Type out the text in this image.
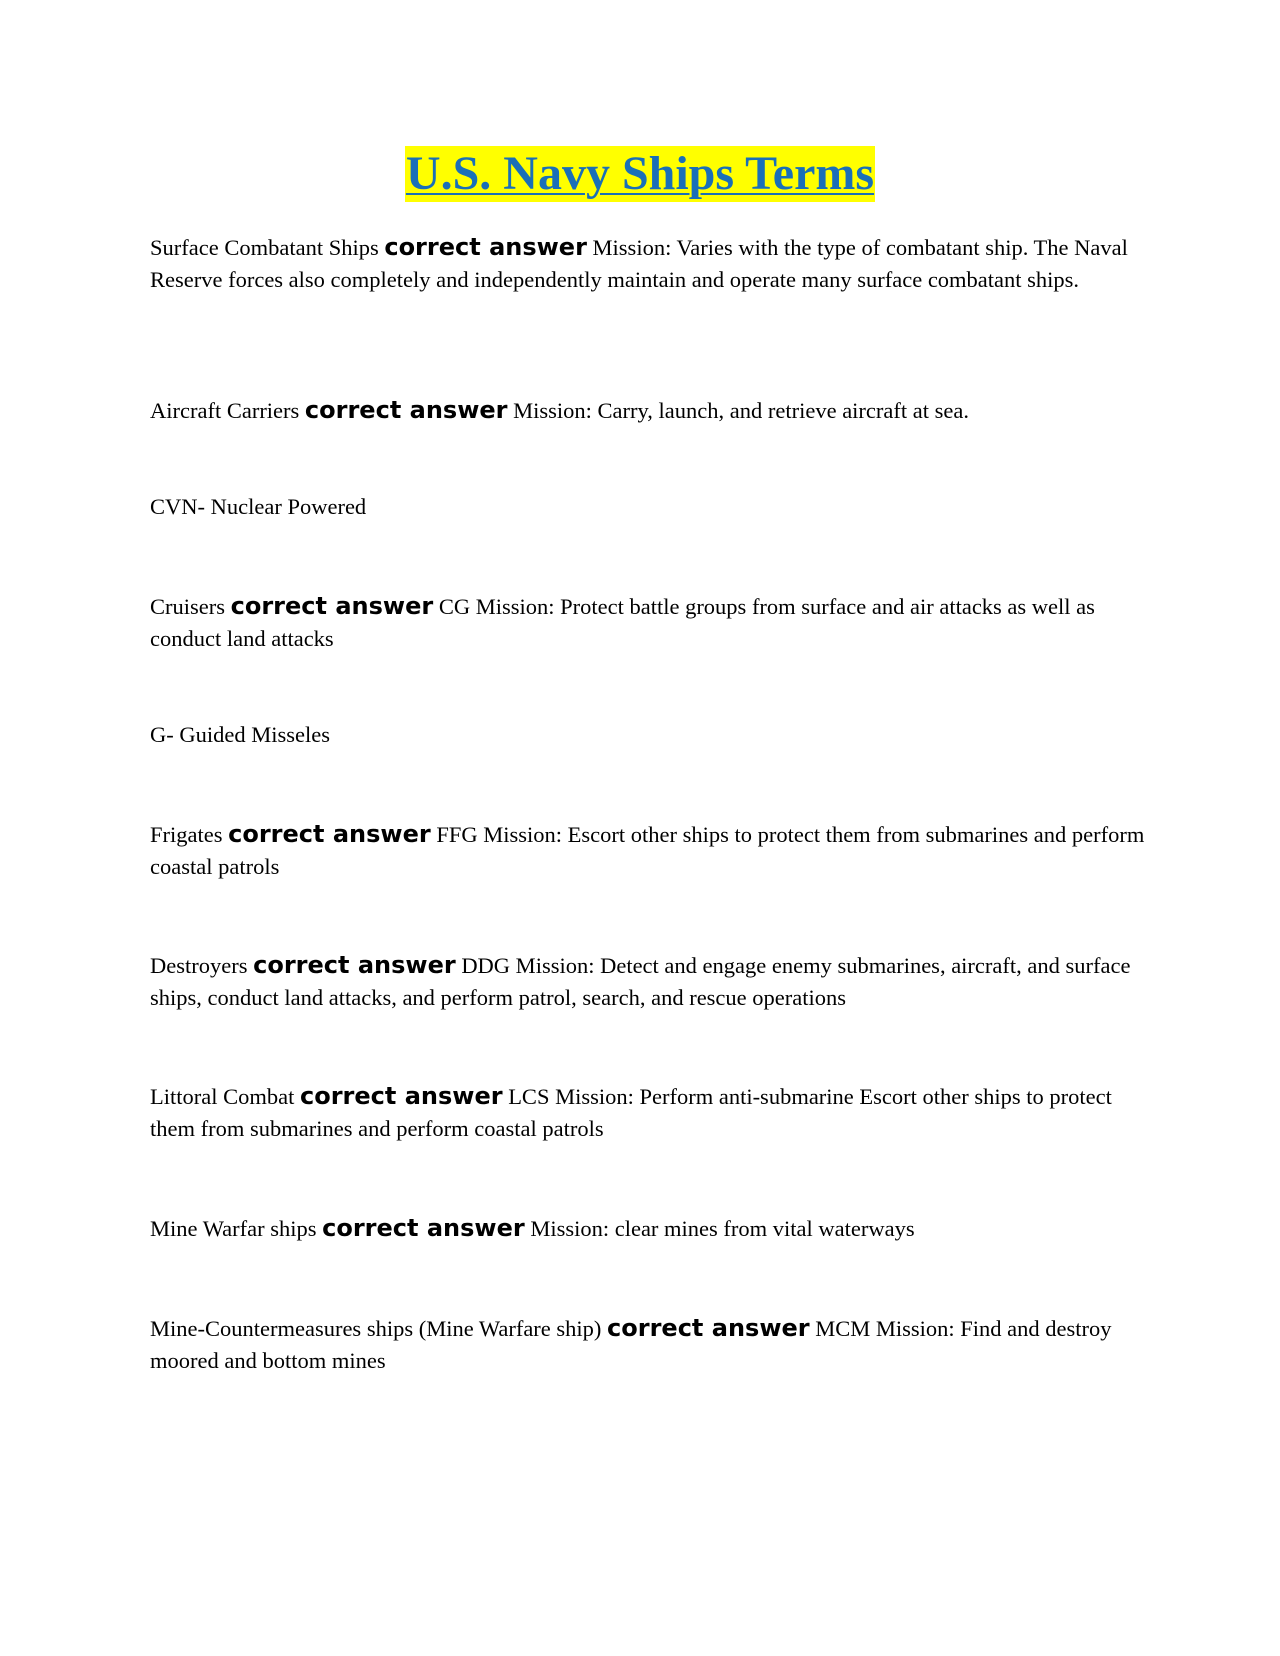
U.S. Navy Ships Terms

Surface Combatant Ships correct answer Mission: Varies with the type of combatant ship. The Naval Reserve forces also completely and independently maintain and operate many surface combatant ships.

Aircraft Carriers correct answer Mission: Carry, launch, and retrieve aircraft at sea.

CVN- Nuclear Powered

Cruisers correct answer CG Mission: Protect battle groups from surface and air attacks as well as conduct land attacks

G- Guided Misseles

Frigates correct answer FFG Mission: Escort other ships to protect them from submarines and perform coastal patrols

Destroyers correct answer DDG Mission: Detect and engage enemy submarines, aircraft, and surface ships, conduct land attacks, and perform patrol, search, and rescue operations

Littoral Combat correct answer LCS Mission: Perform anti-submarine Escort other ships to protect them from submarines and perform coastal patrols

Mine Warfar ships correct answer Mission: clear mines from vital waterways

Mine-Countermeasures ships (Mine Warfare ship) correct answer MCM Mission: Find and destroy moored and bottom mines
